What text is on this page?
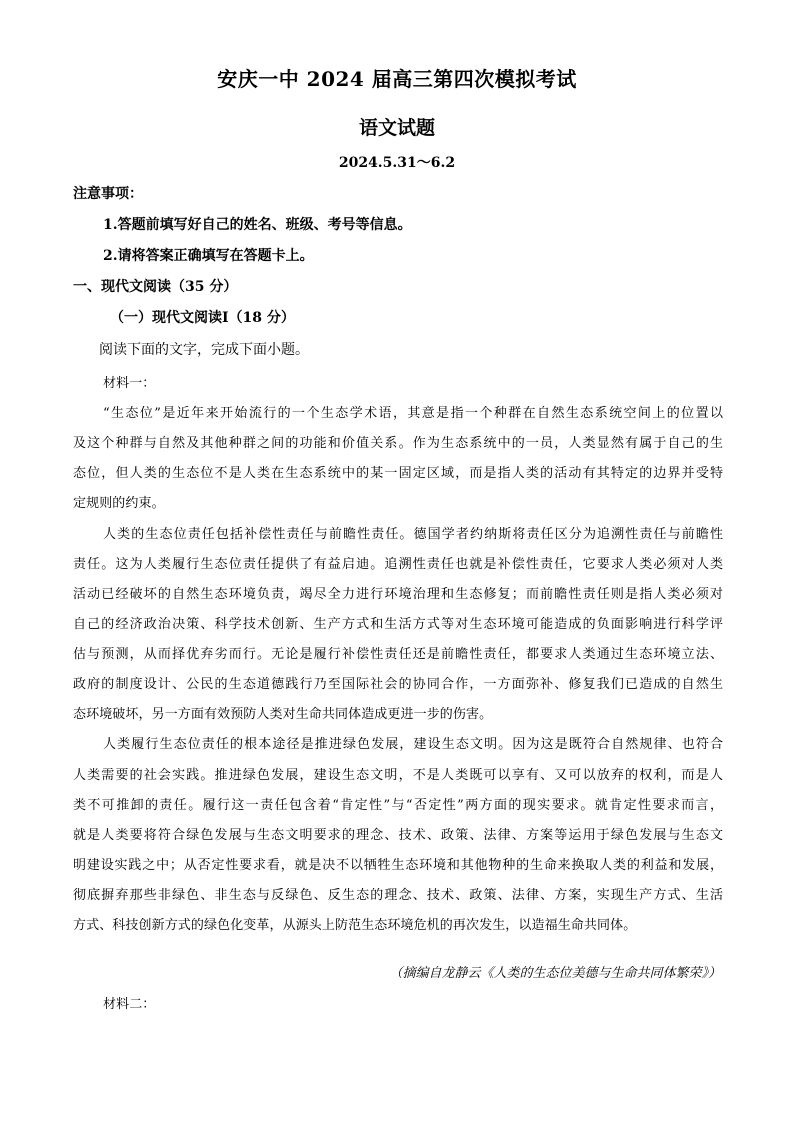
安庆一中 2024 届高三第四次模拟考试
语文试题
2024.5.31～6.2
注意事项：
1.答题前填写好自己的姓名、班级、考号等信息。
2.请将答案正确填写在答题卡上。
一、现代文阅读（35 分）
（一）现代文阅读Ⅰ（18 分）
阅读下面的文字，完成下面小题。
材料一：
“生态位”是近年来开始流行的一个生态学术语，其意是指一个种群在自然生态系统空间上的位置以
及这个种群与自然及其他种群之间的功能和价值关系。作为生态系统中的一员，人类显然有属于自己的生
态位，但人类的生态位不是人类在生态系统中的某一固定区域，而是指人类的活动有其特定的边界并受特
定规则的约束。
人类的生态位责任包括补偿性责任与前瞻性责任。德国学者约纳斯将责任区分为追溯性责任与前瞻性
责任。这为人类履行生态位责任提供了有益启迪。追溯性责任也就是补偿性责任，它要求人类必须对人类
活动已经破坏的自然生态环境负责，竭尽全力进行环境治理和生态修复；而前瞻性责任则是指人类必须对
自己的经济政治决策、科学技术创新、生产方式和生活方式等对生态环境可能造成的负面影响进行科学评
估与预测，从而择优弃劣而行。无论是履行补偿性责任还是前瞻性责任，都要求人类通过生态环境立法、
政府的制度设计、公民的生态道德践行乃至国际社会的协同合作，一方面弥补、修复我们已造成的自然生
态环境破坏，另一方面有效预防人类对生命共同体造成更进一步的伤害。
人类履行生态位责任的根本途径是推进绿色发展，建设生态文明。因为这是既符合自然规律、也符合
人类需要的社会实践。推进绿色发展，建设生态文明，不是人类既可以享有、又可以放弃的权利，而是人
类不可推卸的责任。履行这一责任包含着“肯定性”与“否定性”两方面的现实要求。就肯定性要求而言，
就是人类要将符合绿色发展与生态文明要求的理念、技术、政策、法律、方案等运用于绿色发展与生态文
明建设实践之中；从否定性要求看，就是决不以牺牲生态环境和其他物种的生命来换取人类的利益和发展，
彻底摒弃那些非绿色、非生态与反绿色、反生态的理念、技术、政策、法律、方案，实现生产方式、生活
方式、科技创新方式的绿色化变革，从源头上防范生态环境危机的再次发生，以造福生命共同体。
（摘编自龙静云《人类的生态位美德与生命共同体繁荣》）
材料二：
